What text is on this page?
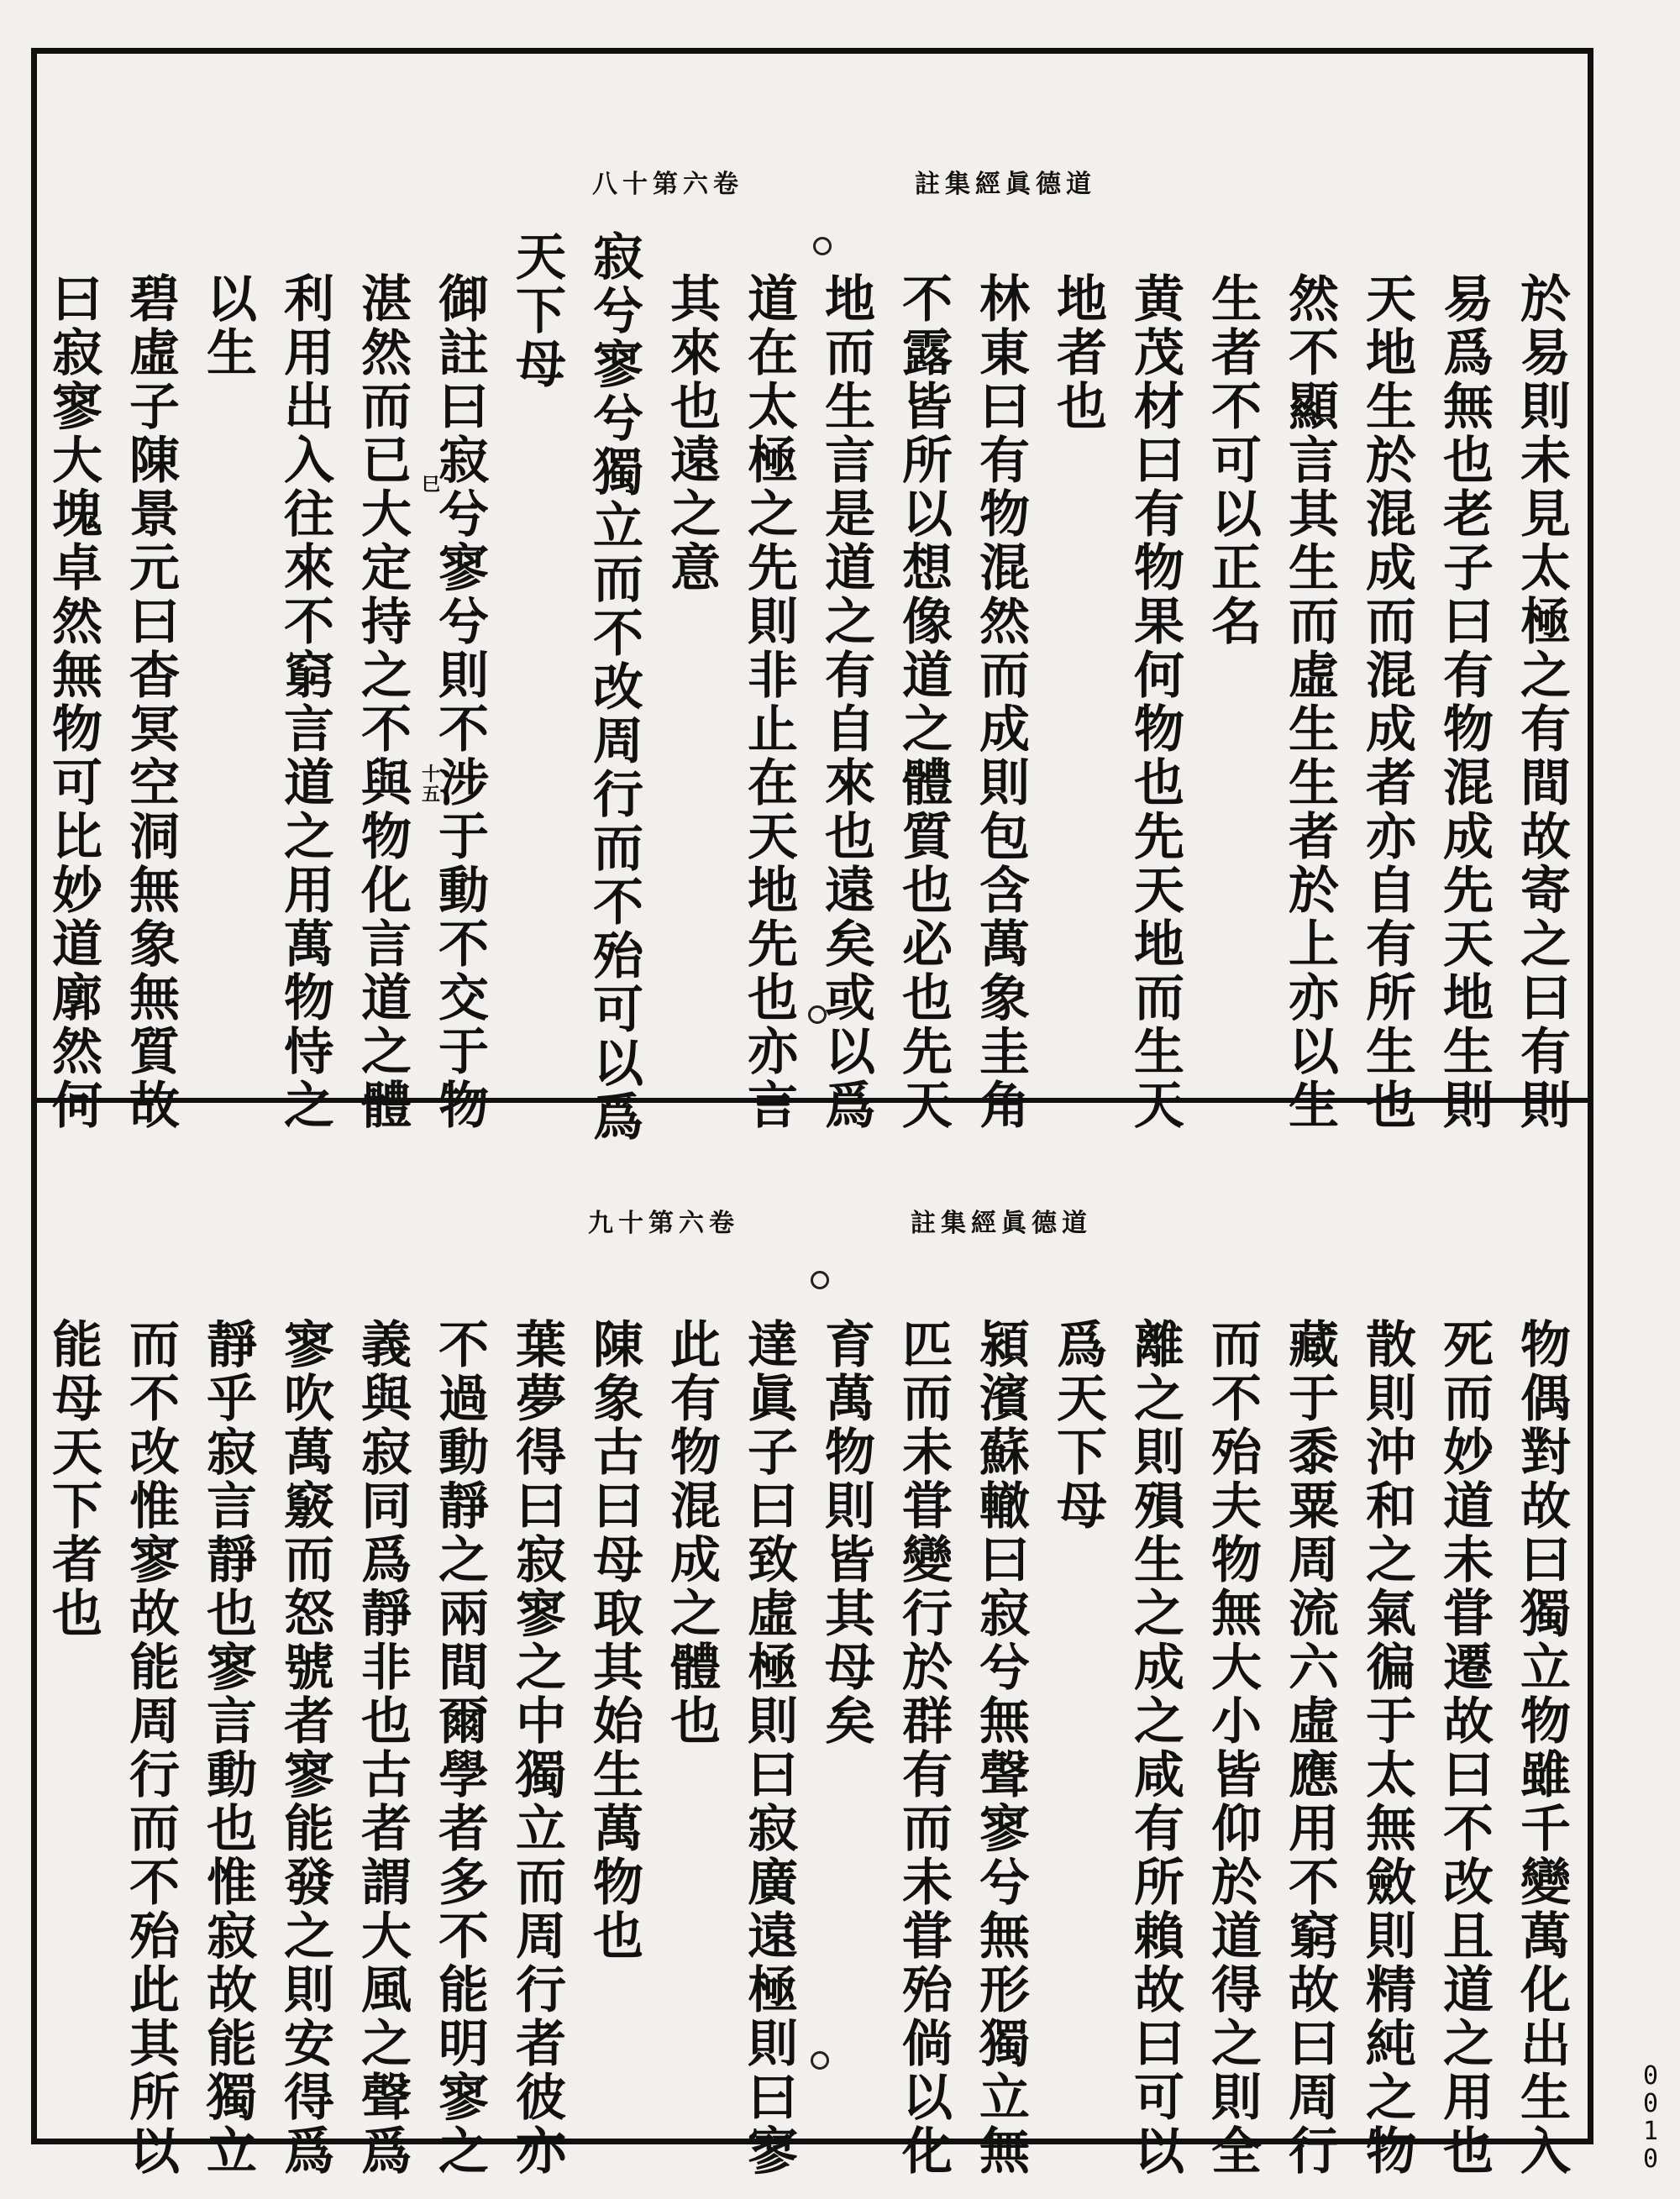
八十第六卷	註集經眞德道
九十第六卷	註集經眞德道
於易則未見太極之有間故寄之曰有則
易爲無也老子曰有物混成先天地生則
天地生於混成而混成者亦自有所生也
然不顯言其生而虛生生者於上亦以生
生者不可以正名
黄茂材曰有物果何物也先天地而生天
地者也
林東曰有物混然而成則包含萬象圭角
不露皆所以想像道之體質也必也先天
地而生言是道之有自來也遠矣或以爲
道在太極之先則非止在天地先也亦言
其來也遠之意
寂兮寥兮獨立而不改周行而不殆可以爲
天下母
御註曰寂兮寥兮則不涉于動不交于物
湛然而已大定持之不與物化言道之體
利用出入往來不窮言道之用萬物恃之
以生
碧虛子陳景元曰杳冥空洞無象無質故
曰寂寥大塊卓然無物可比妙道廓然何
巳
十五
物偶對故曰獨立物雖千變萬化出生入
死而妙道未甞遷故曰不改且道之用也
散則沖和之氣徧于太無斂則精純之物
藏于黍粟周流六虛應用不窮故曰周行
而不殆夫物無大小皆仰於道得之則全
離之則殞生之成之咸有所賴故曰可以
爲天下母
潁濱蘇轍曰寂兮無聲寥兮無形獨立無
匹而未甞變行於群有而未甞殆倘以化
育萬物則皆其母矣
達眞子曰致虛極則曰寂廣遠極則曰寥
此有物混成之體也
陳象古曰母取其始生萬物也
葉夢得曰寂寥之中獨立而周行者彼亦
不過動靜之兩間爾學者多不能明寥之
義與寂同爲靜非也古者謂大風之聲爲
寥吹萬竅而怒號者寥能發之則安得爲
靜乎寂言靜也寥言動也惟寂故能獨立
而不改惟寥故能周行而不殆此其所以
能母天下者也
0010
